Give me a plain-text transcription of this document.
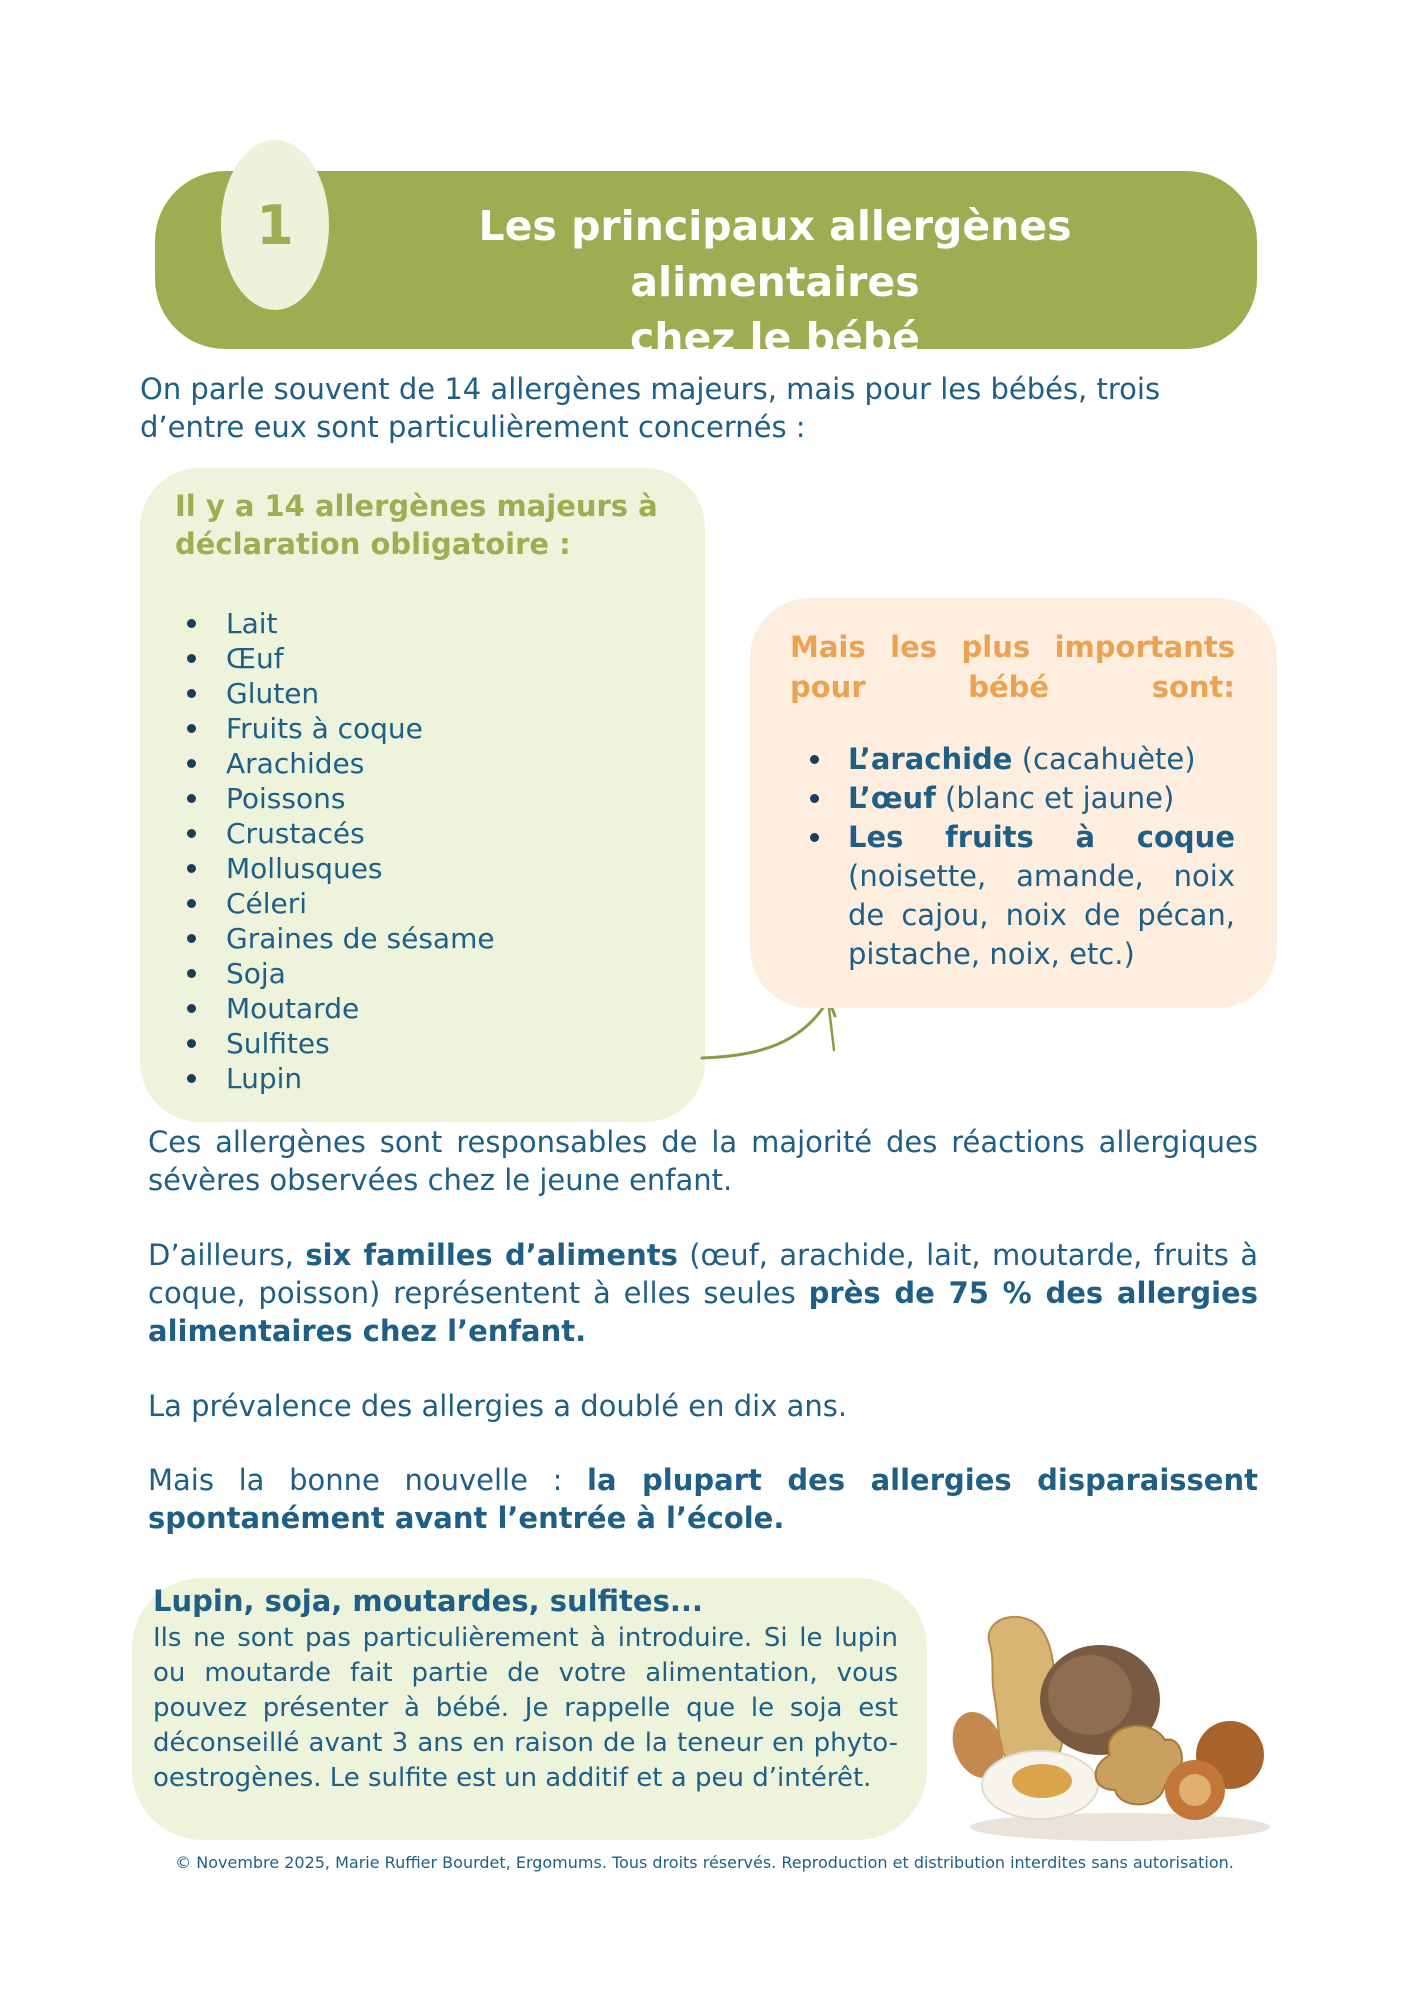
1	Les principaux allergènes alimentaires
chez le bébé
On parle souvent de 14 allergènes majeurs, mais pour les bébés, trois d’entre eux sont particulièrement concernés :
Il y a 14 allergènes majeurs à déclaration obligatoire :
Lait
Œuf
Gluten
Fruits à coque
Arachides
Poissons
Crustacés
Mollusques
Céleri
Graines de sésame
Soja
Moutarde
Sulfites
Lupin
Mais les plus importants pour bébé sont:
L’arachide (cacahuète)
L’œuf (blanc et jaune)
Les fruits à coque (noisette, amande, noix de cajou, noix de pécan, pistache, noix, etc.)
Ces allergènes sont responsables de la majorité des réactions allergiques sévères observées chez le jeune enfant.
D’ailleurs, six familles d’aliments (œuf, arachide, lait, moutarde, fruits à coque, poisson) représentent à elles seules près de 75 % des allergies alimentaires chez l’enfant.
La prévalence des allergies a doublé en dix ans.
Mais la bonne nouvelle : la plupart des allergies disparaissent spontanément avant l’entrée à l’école.
Lupin, soja, moutardes, sulfites...
Ils ne sont pas particulièrement à introduire. Si le lupin ou moutarde fait partie de votre alimentation, vous pouvez présenter à bébé. Je rappelle que le soja est déconseillé avant 3 ans en raison de la teneur en phyto-oestrogènes. Le sulfite est un additif et a peu d’intérêt.
© Novembre 2025, Marie Ruffier Bourdet, Ergomums. Tous droits réservés. Reproduction et distribution interdites sans autorisation.
